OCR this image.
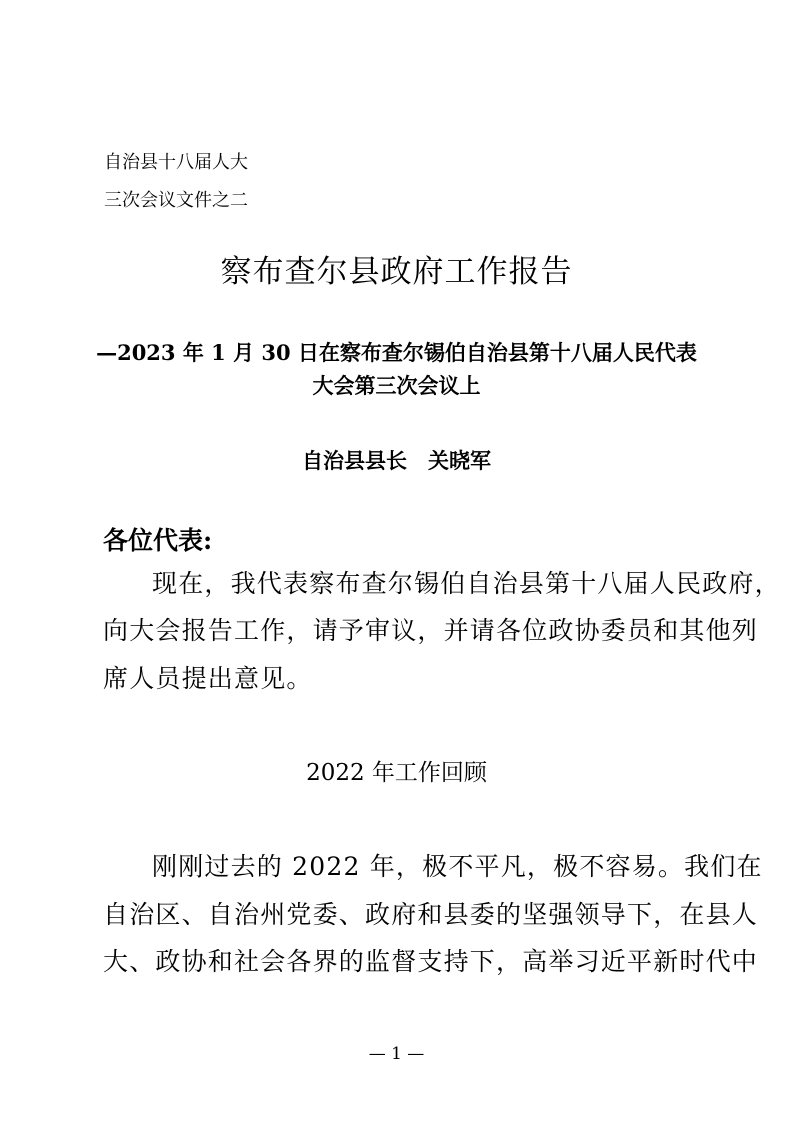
自治县十八届人大
三次会议文件之二
察布查尔县政府工作报告
—2023 年 1 月 30 日在察布查尔锡伯自治县第十八届人民代表
大会第三次会议上
自治县县长　关晓军
各位代表:
现在，我代表察布查尔锡伯自治县第十八届人民政府，
向大会报告工作，请予审议，并请各位政协委员和其他列
席人员提出意见。
2022 年工作回顾
刚刚过去的 2022 年，极不平凡，极不容易。我们在
自治区、自治州党委、政府和县委的坚强领导下，在县人
大、政协和社会各界的监督支持下，高举习近平新时代中
— 1 —
